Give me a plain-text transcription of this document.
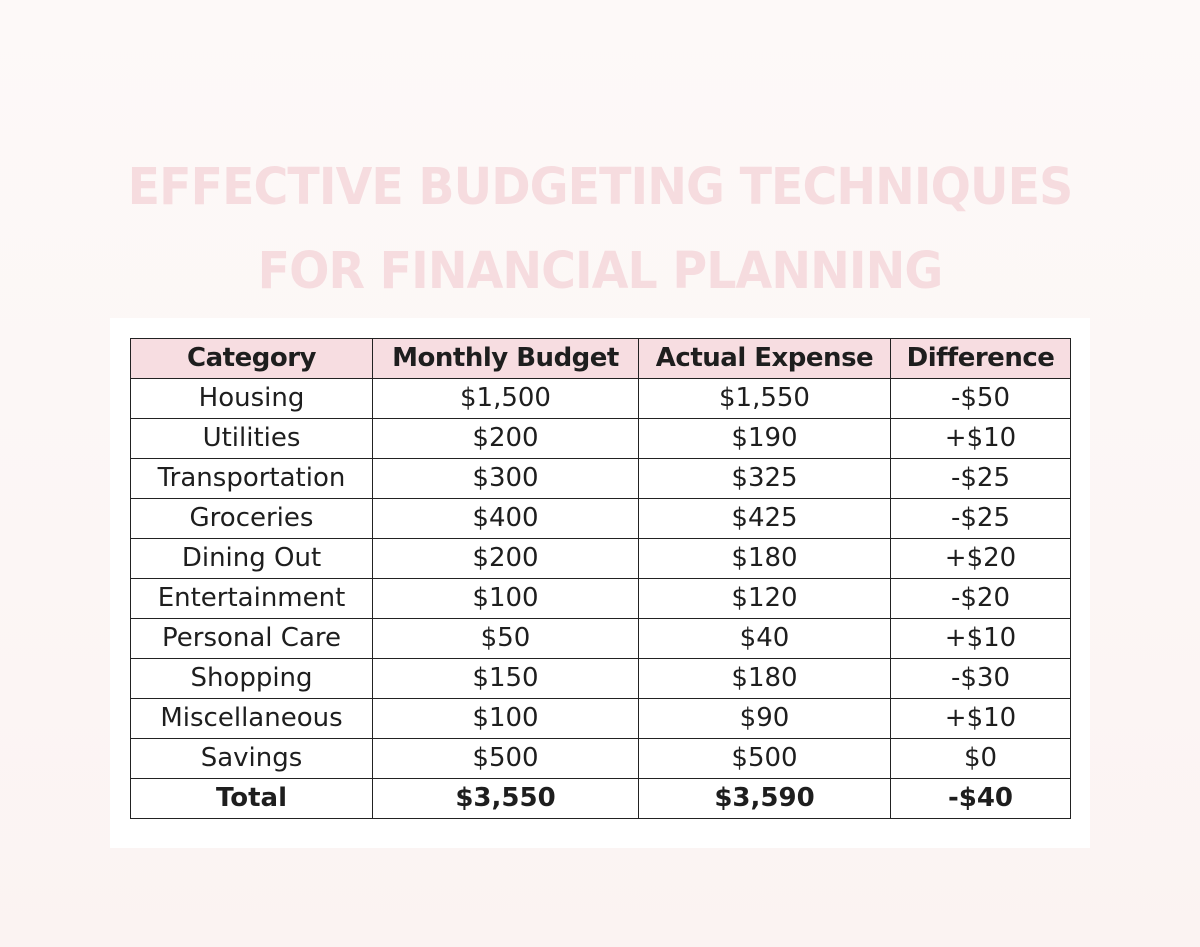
EFFECTIVE BUDGETING TECHNIQUES
FOR FINANCIAL PLANNING
Category	Monthly Budget	Actual Expense	Difference
Housing	$1,500	$1,550	-$50
Utilities	$200	$190	+$10
Transportation	$300	$325	-$25
Groceries	$400	$425	-$25
Dining Out	$200	$180	+$20
Entertainment	$100	$120	-$20
Personal Care	$50	$40	+$10
Shopping	$150	$180	-$30
Miscellaneous	$100	$90	+$10
Savings	$500	$500	$0
Total	$3,550	$3,590	-$40
